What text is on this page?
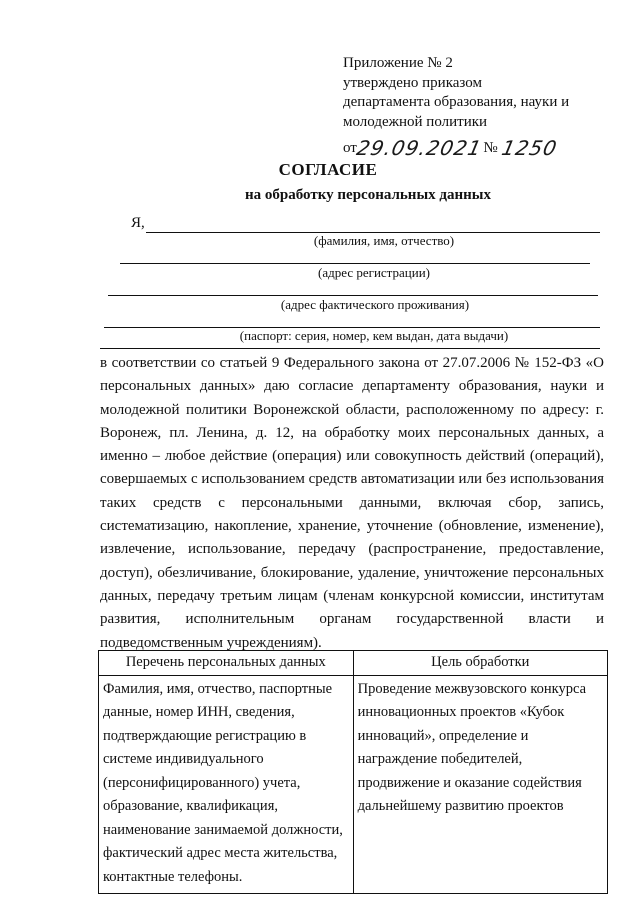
Приложение № 2
утверждено приказом
департамента образования, науки и
молодежной политики
от
29.09.2021 № 1250
СОГЛАСИЕ
на обработку персональных данных
Я,
(фамилия, имя, отчество)
(адрес регистрации)
(адрес фактического проживания)
(паспорт: серия, номер, кем выдан, дата выдачи)
в соответствии со статьей 9 Федерального закона от 27.07.2006 № 152-ФЗ «О персональных данных» даю согласие департаменту образования, науки и молодежной политики Воронежской области, расположенному по адресу: г. Воронеж, пл. Ленина, д. 12, на обработку моих персональных данных, а именно – любое действие (операция) или совокупность действий (операций), совершаемых с использованием средств автоматизации или без использования таких средств с персональными данными, включая сбор, запись, систематизацию, накопление, хранение, уточнение (обновление, изменение), извлечение, использование, передачу (распространение, предоставление, доступ), обезличивание, блокирование, удаление, уничтожение персональных данных, передачу третьим лицам (членам конкурсной комиссии, институтам развития, исполнительным органам государственной власти и подведомственным учреждениям).
Перечень персональных данных	Цель обработки
Фамилия, имя, отчество, паспортные данные, номер ИНН, сведения, подтверждающие регистрацию в системе индивидуального (персонифицированного) учета, образование, квалификация, наименование занимаемой должности, фактический адрес места жительства, контактные телефоны.	Проведение межвузовского конкурса инновационных проектов «Кубок инноваций», определение и награждение победителей, продвижение и оказание содействия дальнейшему развитию проектов
